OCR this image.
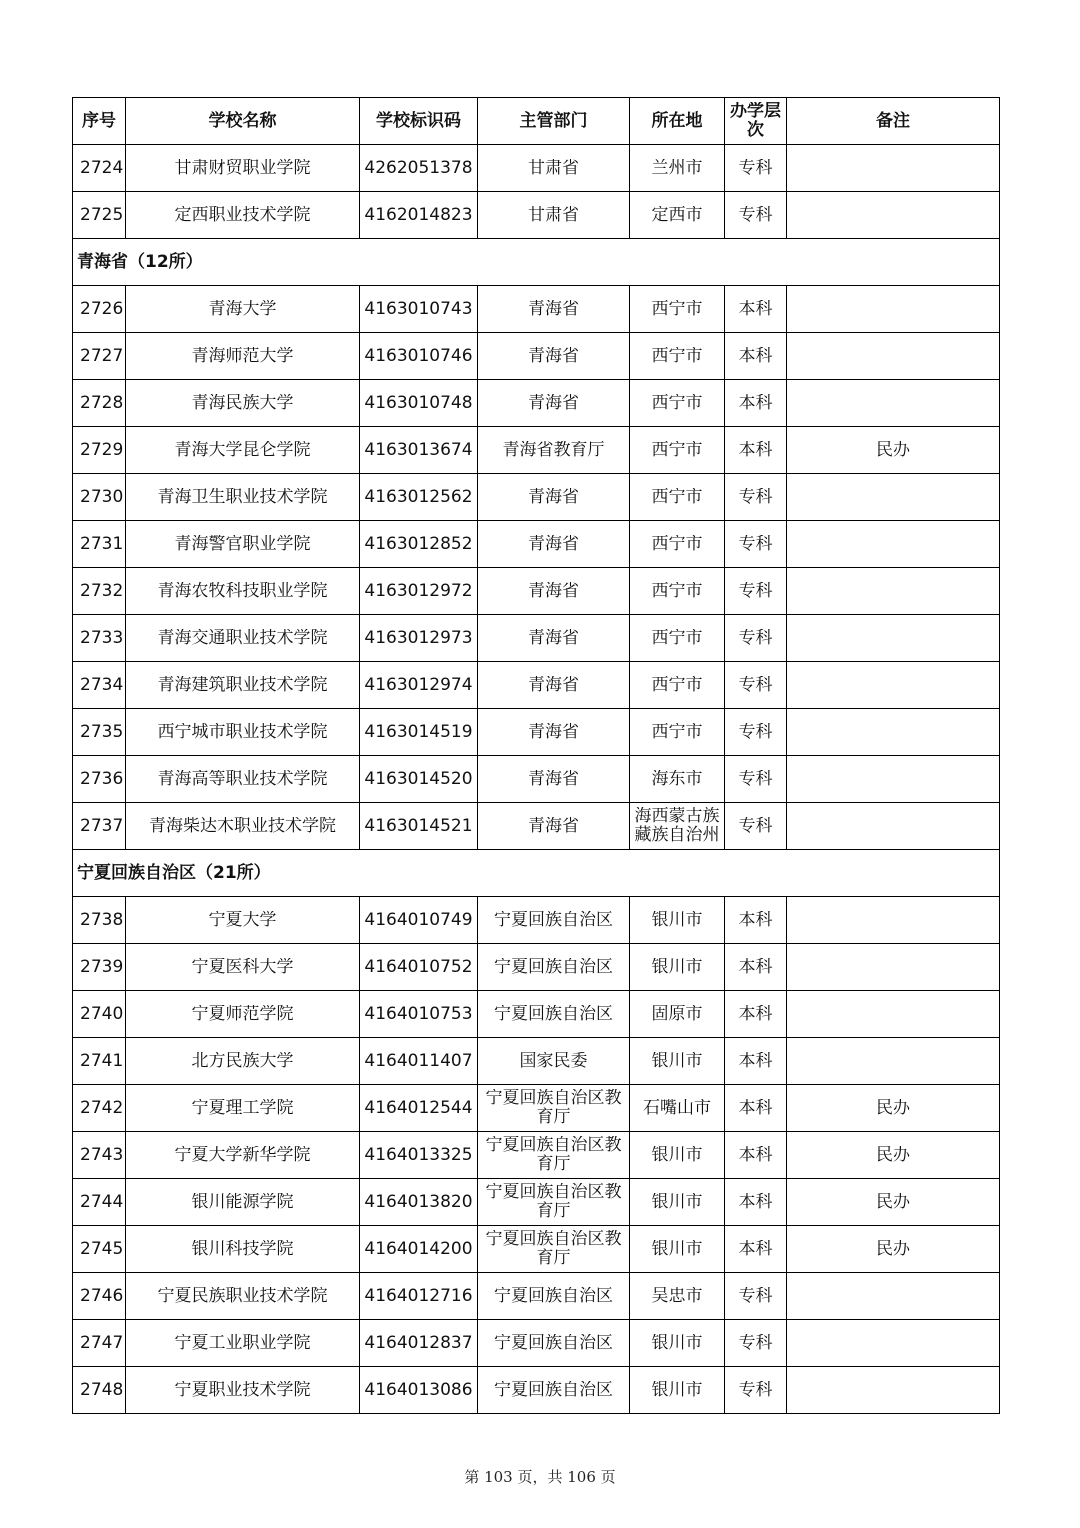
序号	学校名称	学校标识码	主管部门	所在地	办学层次	备注

2724	甘肃财贸职业学院	4262051378	甘肃省	兰州市	专科	

2725	定西职业技术学院	4162014823	甘肃省	定西市	专科	

青海省（12所）						

2726	青海大学	4163010743	青海省	西宁市	本科	

2727	青海师范大学	4163010746	青海省	西宁市	本科	

2728	青海民族大学	4163010748	青海省	西宁市	本科	

2729	青海大学昆仑学院	4163013674	青海省教育厅	西宁市	本科	民办

2730	青海卫生职业技术学院	4163012562	青海省	西宁市	专科	

2731	青海警官职业学院	4163012852	青海省	西宁市	专科	

2732	青海农牧科技职业学院	4163012972	青海省	西宁市	专科	

2733	青海交通职业技术学院	4163012973	青海省	西宁市	专科	

2734	青海建筑职业技术学院	4163012974	青海省	西宁市	专科	

2735	西宁城市职业技术学院	4163014519	青海省	西宁市	专科	

2736	青海高等职业技术学院	4163014520	青海省	海东市	专科	

2737	青海柴达木职业技术学院	4163014521	青海省	海西蒙古族藏族自治州	专科	

宁夏回族自治区（21所）						

2738	宁夏大学	4164010749	宁夏回族自治区	银川市	本科	

2739	宁夏医科大学	4164010752	宁夏回族自治区	银川市	本科	

2740	宁夏师范学院	4164010753	宁夏回族自治区	固原市	本科	

2741	北方民族大学	4164011407	国家民委	银川市	本科	

2742	宁夏理工学院	4164012544	宁夏回族自治区教育厅	石嘴山市	本科	民办

2743	宁夏大学新华学院	4164013325	宁夏回族自治区教育厅	银川市	本科	民办

2744	银川能源学院	4164013820	宁夏回族自治区教育厅	银川市	本科	民办

2745	银川科技学院	4164014200	宁夏回族自治区教育厅	银川市	本科	民办

2746	宁夏民族职业技术学院	4164012716	宁夏回族自治区	吴忠市	专科	

2747	宁夏工业职业学院	4164012837	宁夏回族自治区	银川市	专科	

2748	宁夏职业技术学院	4164013086	宁夏回族自治区	银川市	专科	

第 103 页，共 106 页
